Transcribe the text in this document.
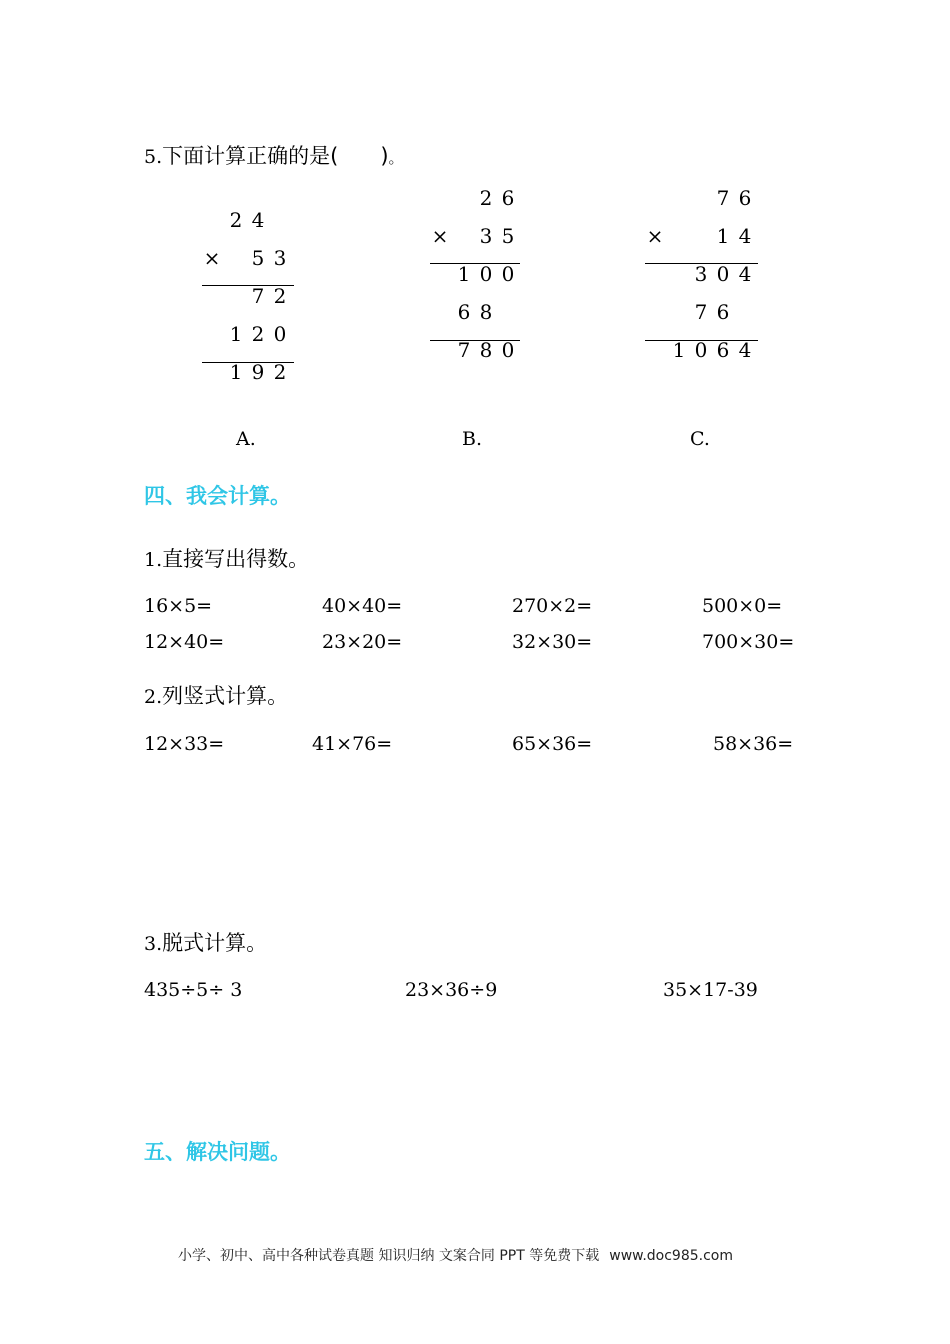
5.下面计算正确的是( )。
2 4
× 5 3
7 2
1 2 0
1 9 2
A.
2 6
× 3 5
1 0 0
6 8
7 8 0
B.
7 6
×	1 4
3 0 4
7 6
1 0 6 4
C.
四、我会计算。
1.直接写出得数。
16×5=	40×40=	270×2=	500×0=
12×40=	23×20=	32×30=	700×30=
2.列竖式计算。
12×33=	41×76=	65×36=	58×36=
3.脱式计算。
435÷5÷ 3	23×36÷9	35×17-39
五、解决问题。
小学、初中、高中各种试卷真题 知识归纳 文案合同 PPT 等免费下载 www.doc985.com
